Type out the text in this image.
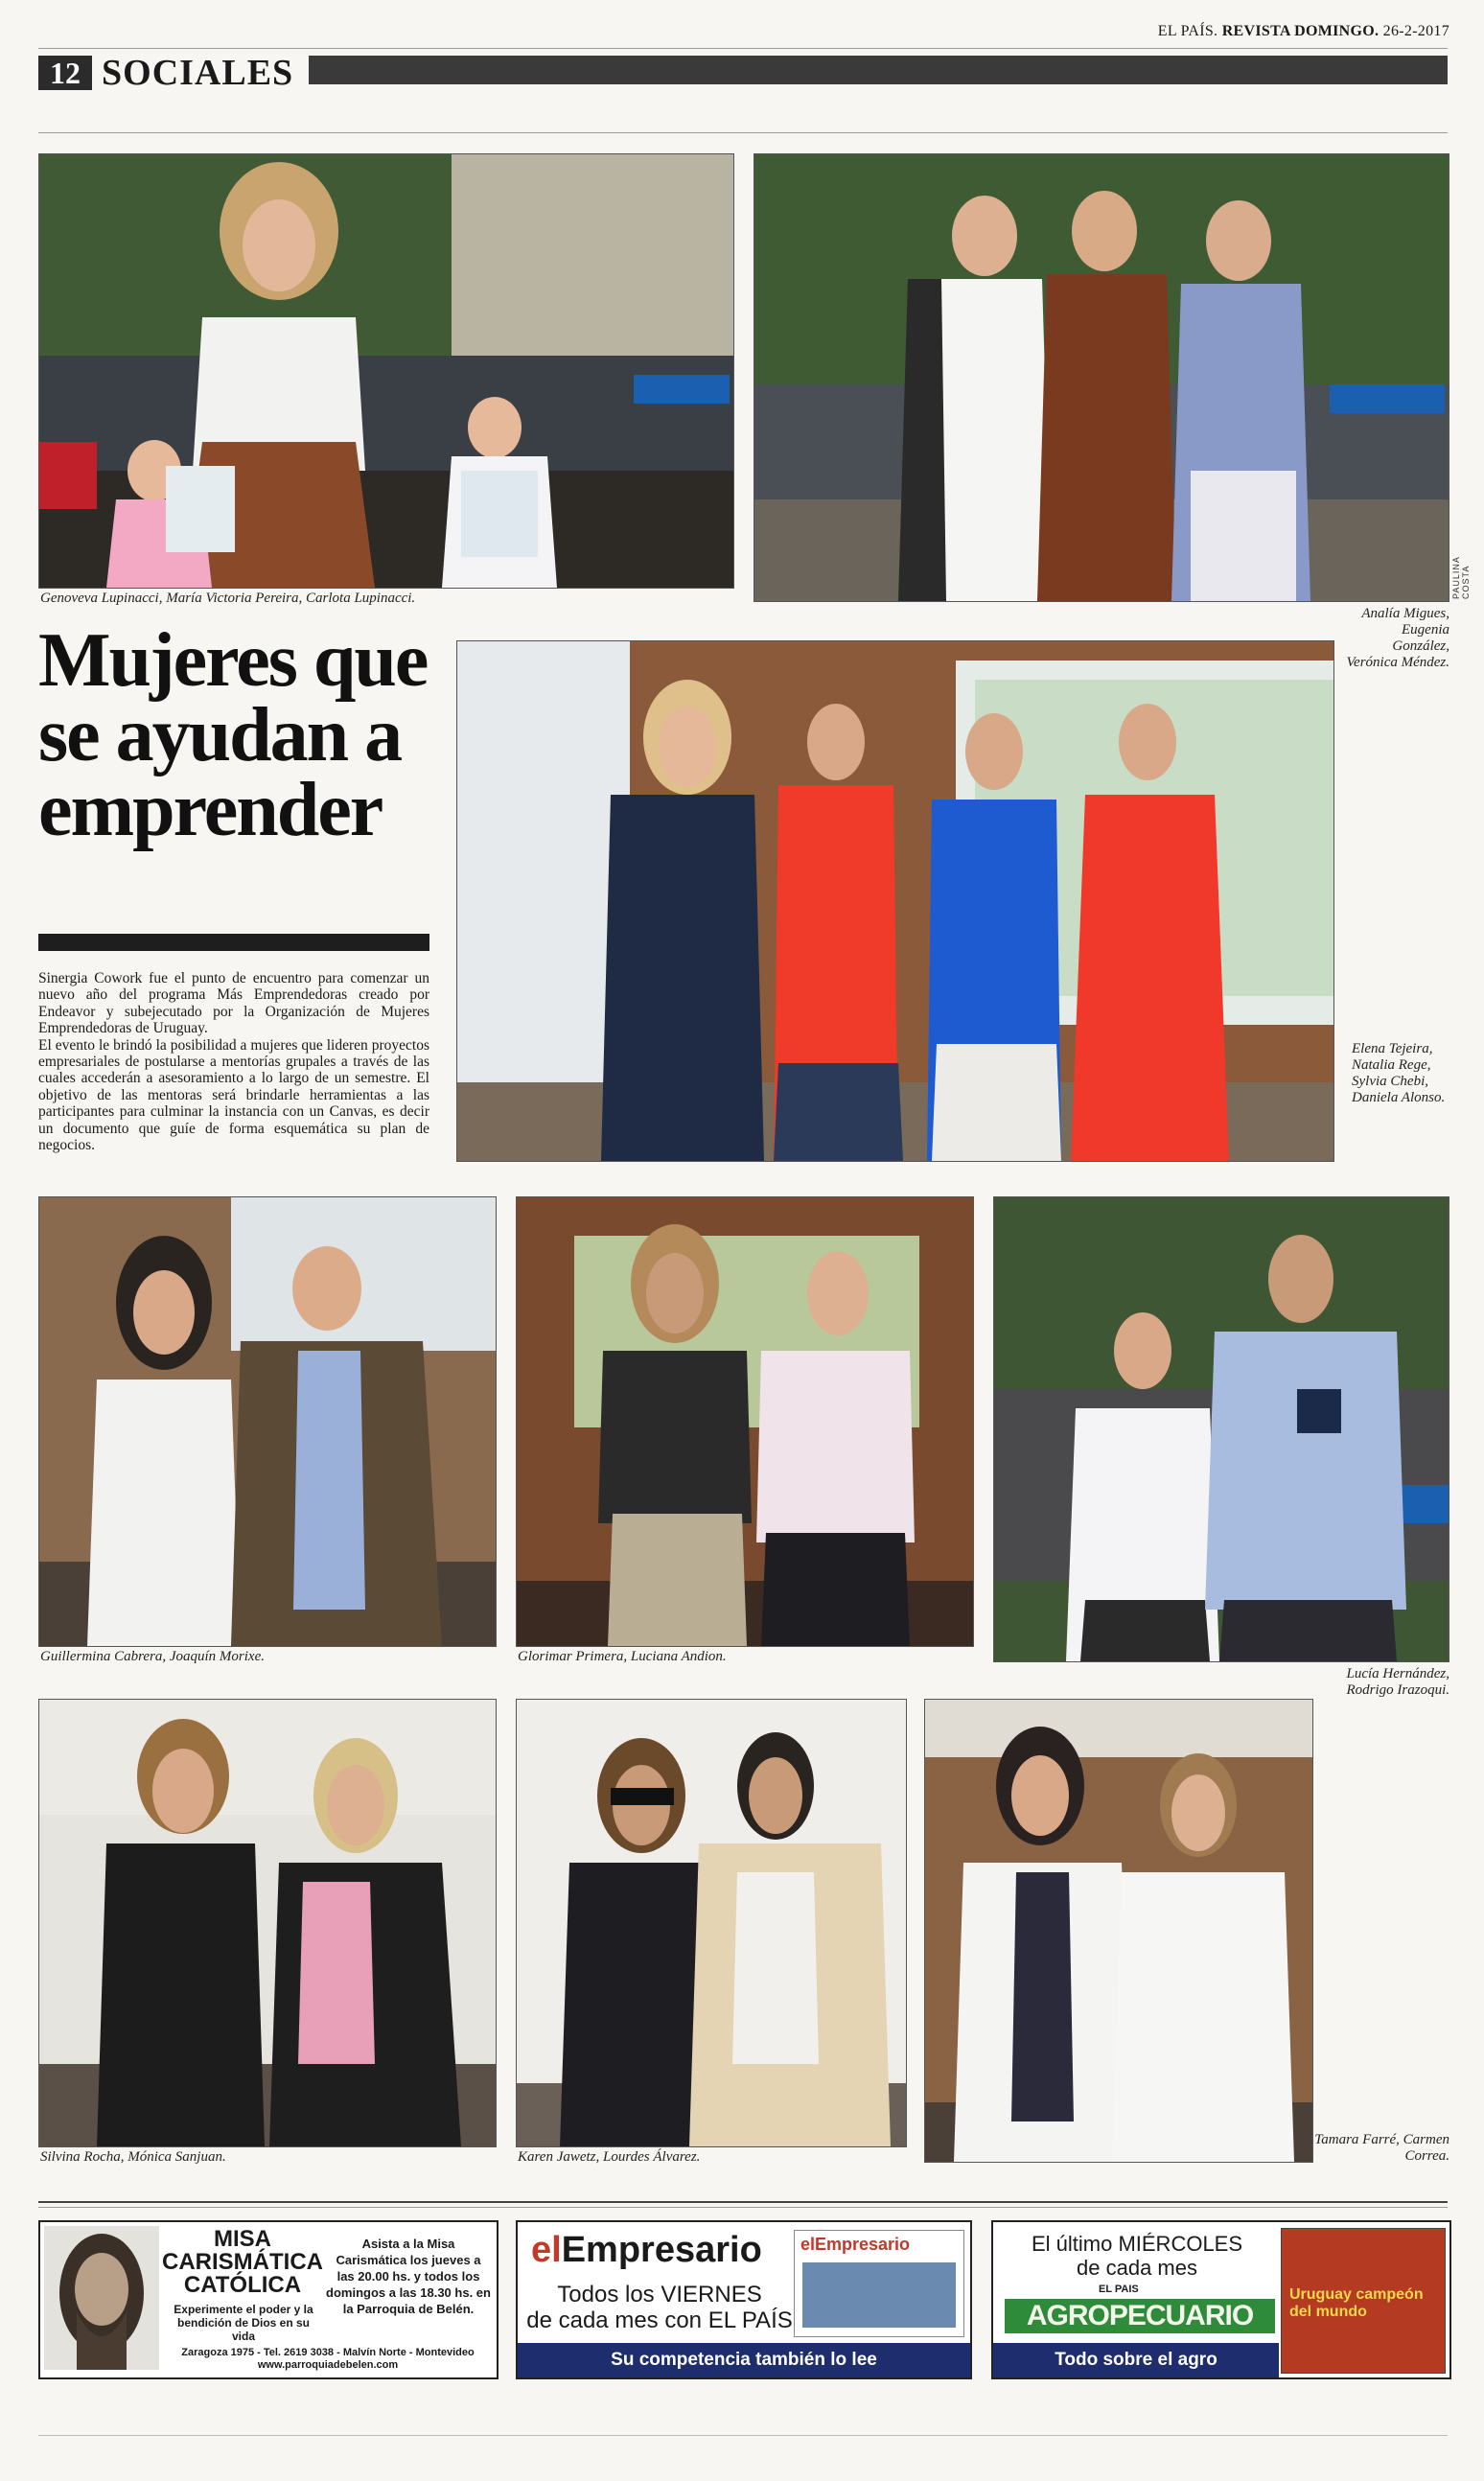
EL PAÍS. REVISTA DOMINGO. 26-2-2017
12 SOCIALES
Genoveva Lupinacci, María Victoria Pereira, Carlota Lupinacci.	PAULINA COSTA
Analía Migues, Eugenia González, Verónica Méndez.
Mujeres que
se ayudan a
emprender

Sinergia Cowork fue el punto de encuentro para comenzar un nuevo año del programa Más Emprendedoras creado por Endeavor y subejecutado por la Organización de Mujeres Emprendedoras de Uruguay.

El evento le brindó la posibilidad a mujeres que lideren proyectos empresariales de postularse a mentorías grupales a través de las cuales accederán a asesoramiento a lo largo de un semestre. El objetivo de las mentoras será brindarle herramientas a las participantes para culminar la instancia con un Canvas, es decir un documento que guíe de forma esquemática su plan de negocios.

Elena Tejeira, Natalia Rege, Sylvia Chebi, Daniela Alonso.
Guillermina Cabrera, Joaquín Morixe.	Glorimar Primera, Luciana Andion.
Lucía Hernández, Rodrigo Irazoqui.
Silvina Rocha, Mónica Sanjuan.	Karen Jawetz, Lourdes Álvarez.
Tamara Farré, Carmen Correa.
MISA
CARISMÁTICA
CATÓLICA
Experimente el poder y la bendición de Dios en su vida
Asista a la Misa Carismática los jueves a las 20.00 hs. y todos los domingos a las 18.30 hs. en la Parroquia de Belén.
Zaragoza 1975 - Tel. 2619 3038 - Malvín Norte - Montevideo
www.parroquiadebelen.com
elEmpresario
Todos los VIERNES
de cada mes con EL PAÍS
elEmpresario
Su competencia también lo lee
El último MIÉRCOLES
de cada mes
EL PAIS
AGROPECUARIO
Uruguay campeón del mundo
Todo sobre el agro
